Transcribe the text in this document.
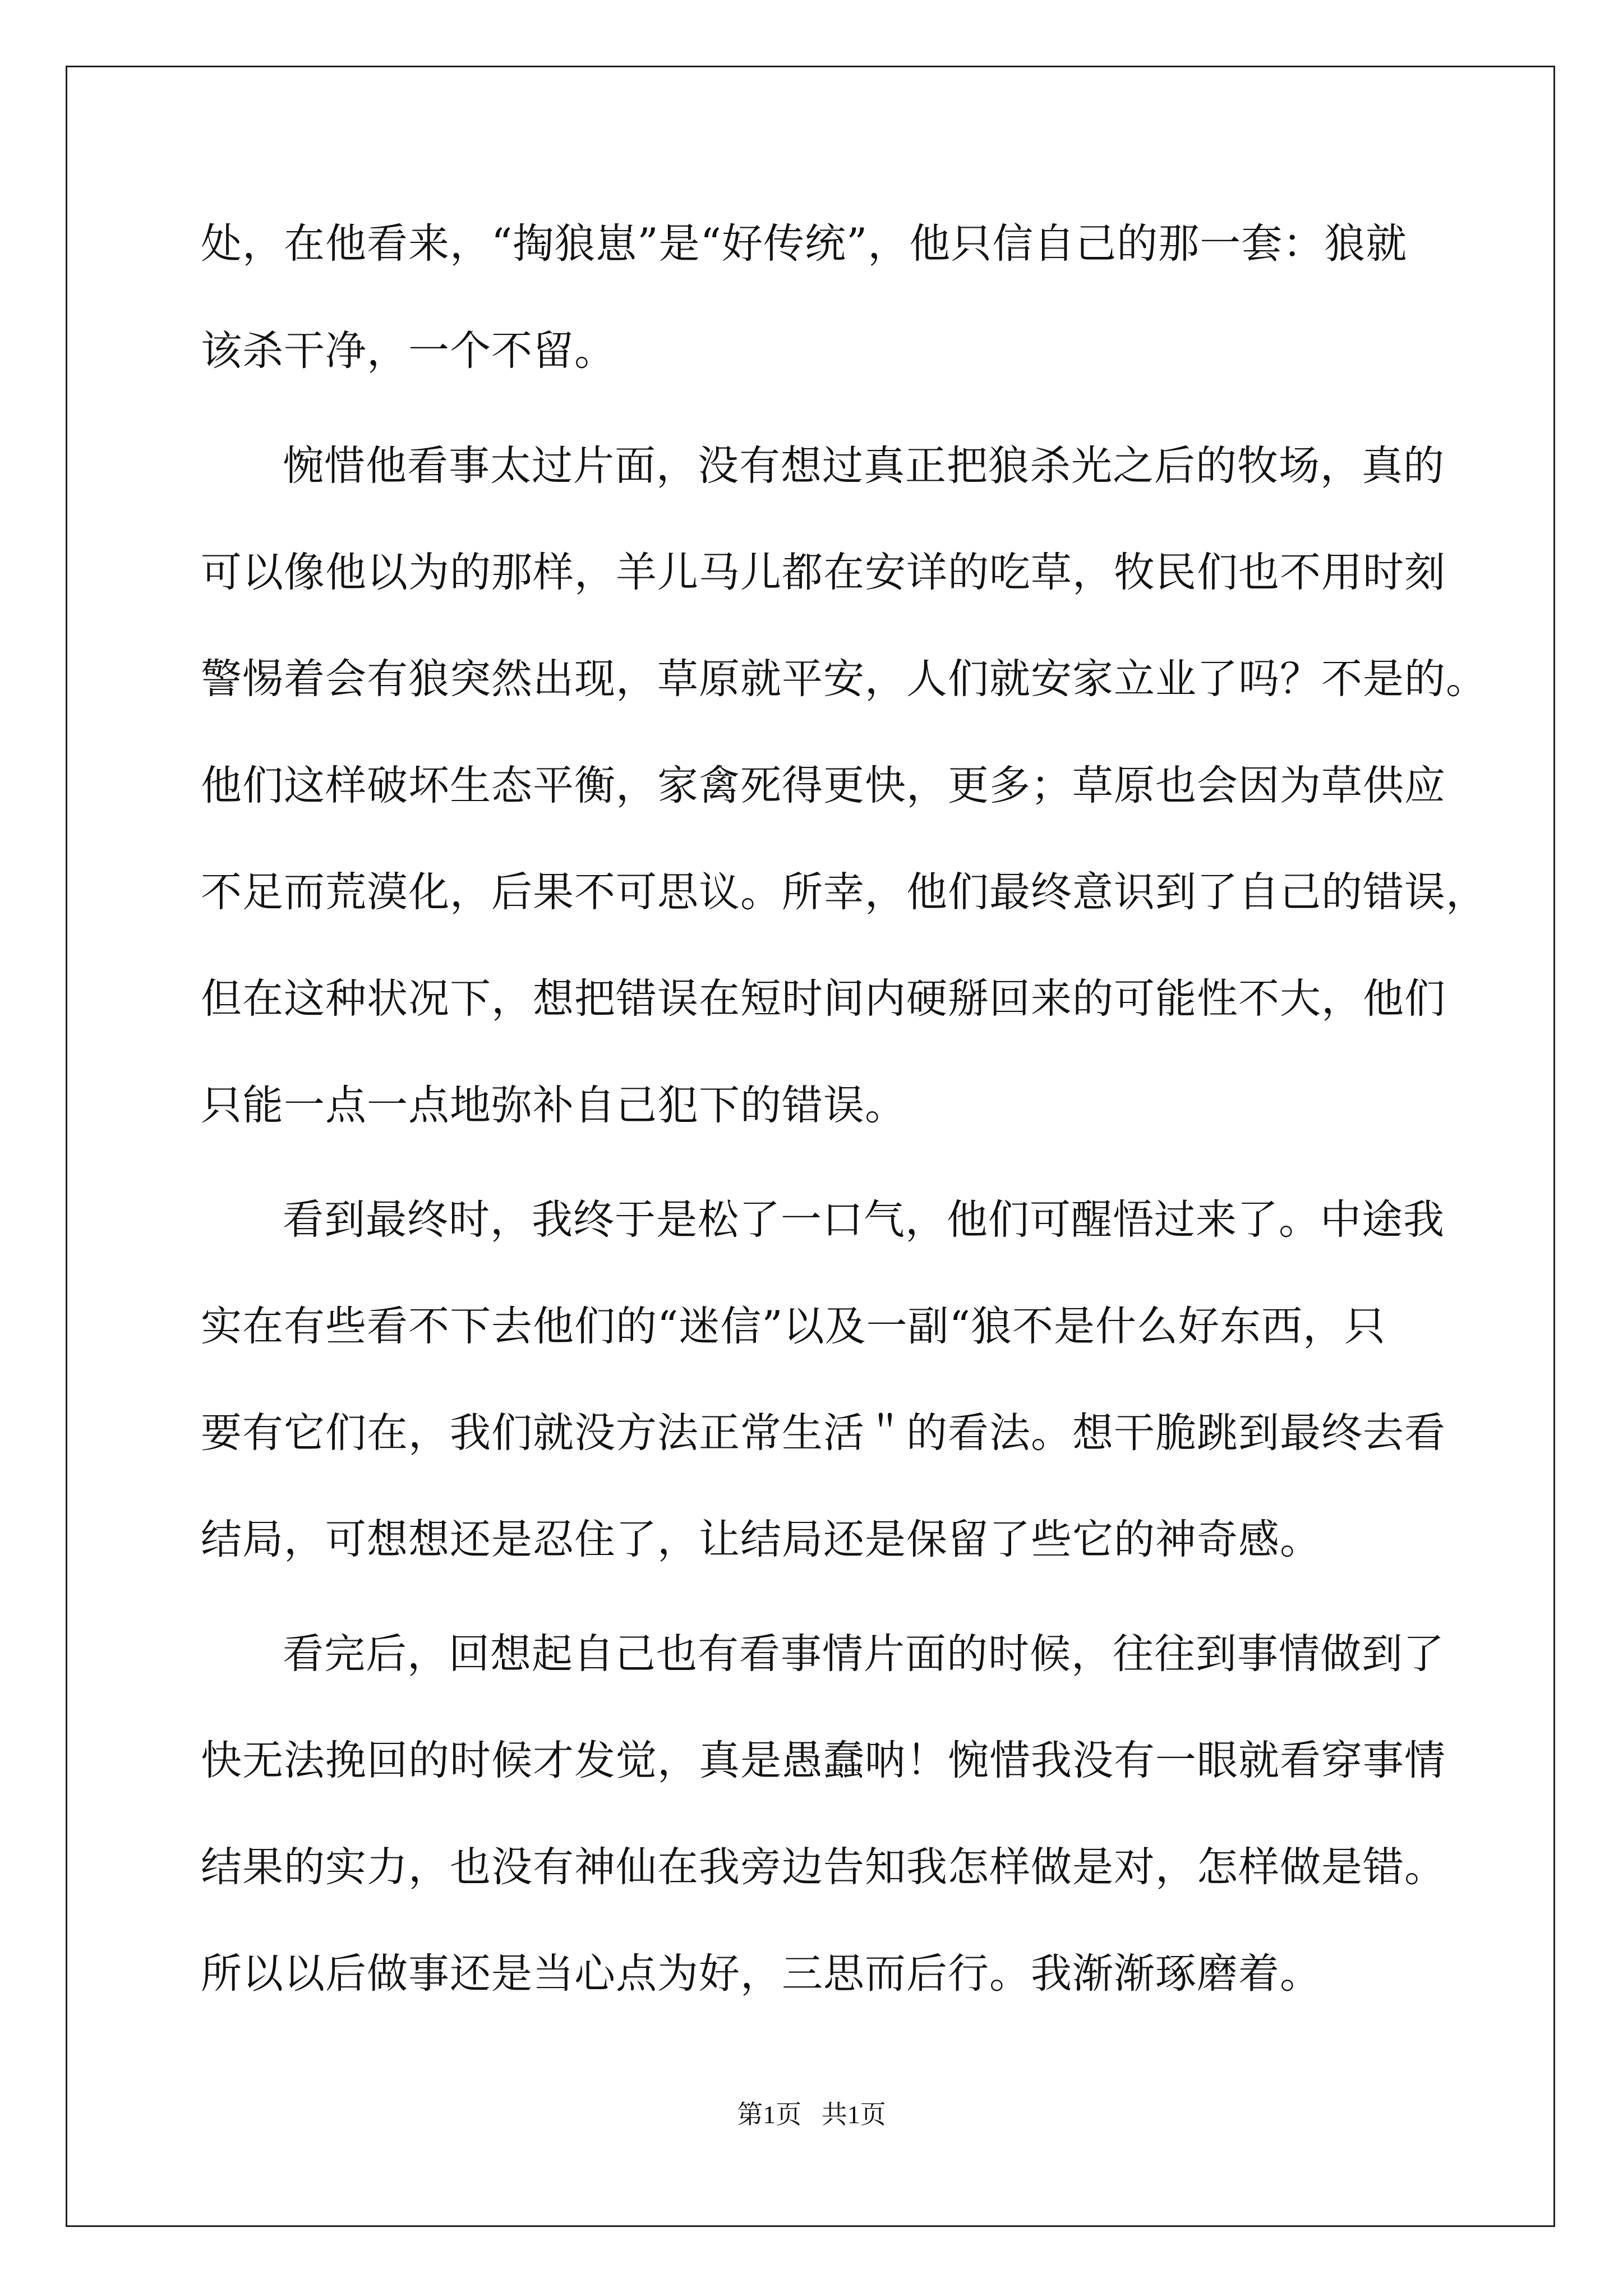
处，在他看来，“掏狼崽”是“好传统”，他只信自己的那一套：狼就
该杀干净，一个不留。
惋惜他看事太过片面，没有想过真正把狼杀光之后的牧场，真的
可以像他以为的那样，羊儿马儿都在安详的吃草，牧民们也不用时刻
警惕着会有狼突然出现，草原就平安，人们就安家立业了吗？不是的。
他们这样破坏生态平衡，家禽死得更快，更多；草原也会因为草供应
不足而荒漠化，后果不可思议。所幸，他们最终意识到了自己的错误，
但在这种状况下，想把错误在短时间内硬掰回来的可能性不大，他们
只能一点一点地弥补自己犯下的错误。
看到最终时，我终于是松了一口气，他们可醒悟过来了。中途我
实在有些看不下去他们的“迷信”以及一副“狼不是什么好东西，只
要有它们在，我们就没方法正常生活＂的看法。想干脆跳到最终去看
结局，可想想还是忍住了，让结局还是保留了些它的神奇感。
看完后，回想起自己也有看事情片面的时候，往往到事情做到了
快无法挽回的时候才发觉，真是愚蠢呐！惋惜我没有一眼就看穿事情
结果的实力，也没有神仙在我旁边告知我怎样做是对，怎样做是错。
所以以后做事还是当心点为好，三思而后行。我渐渐琢磨着。
第1页 共1页
